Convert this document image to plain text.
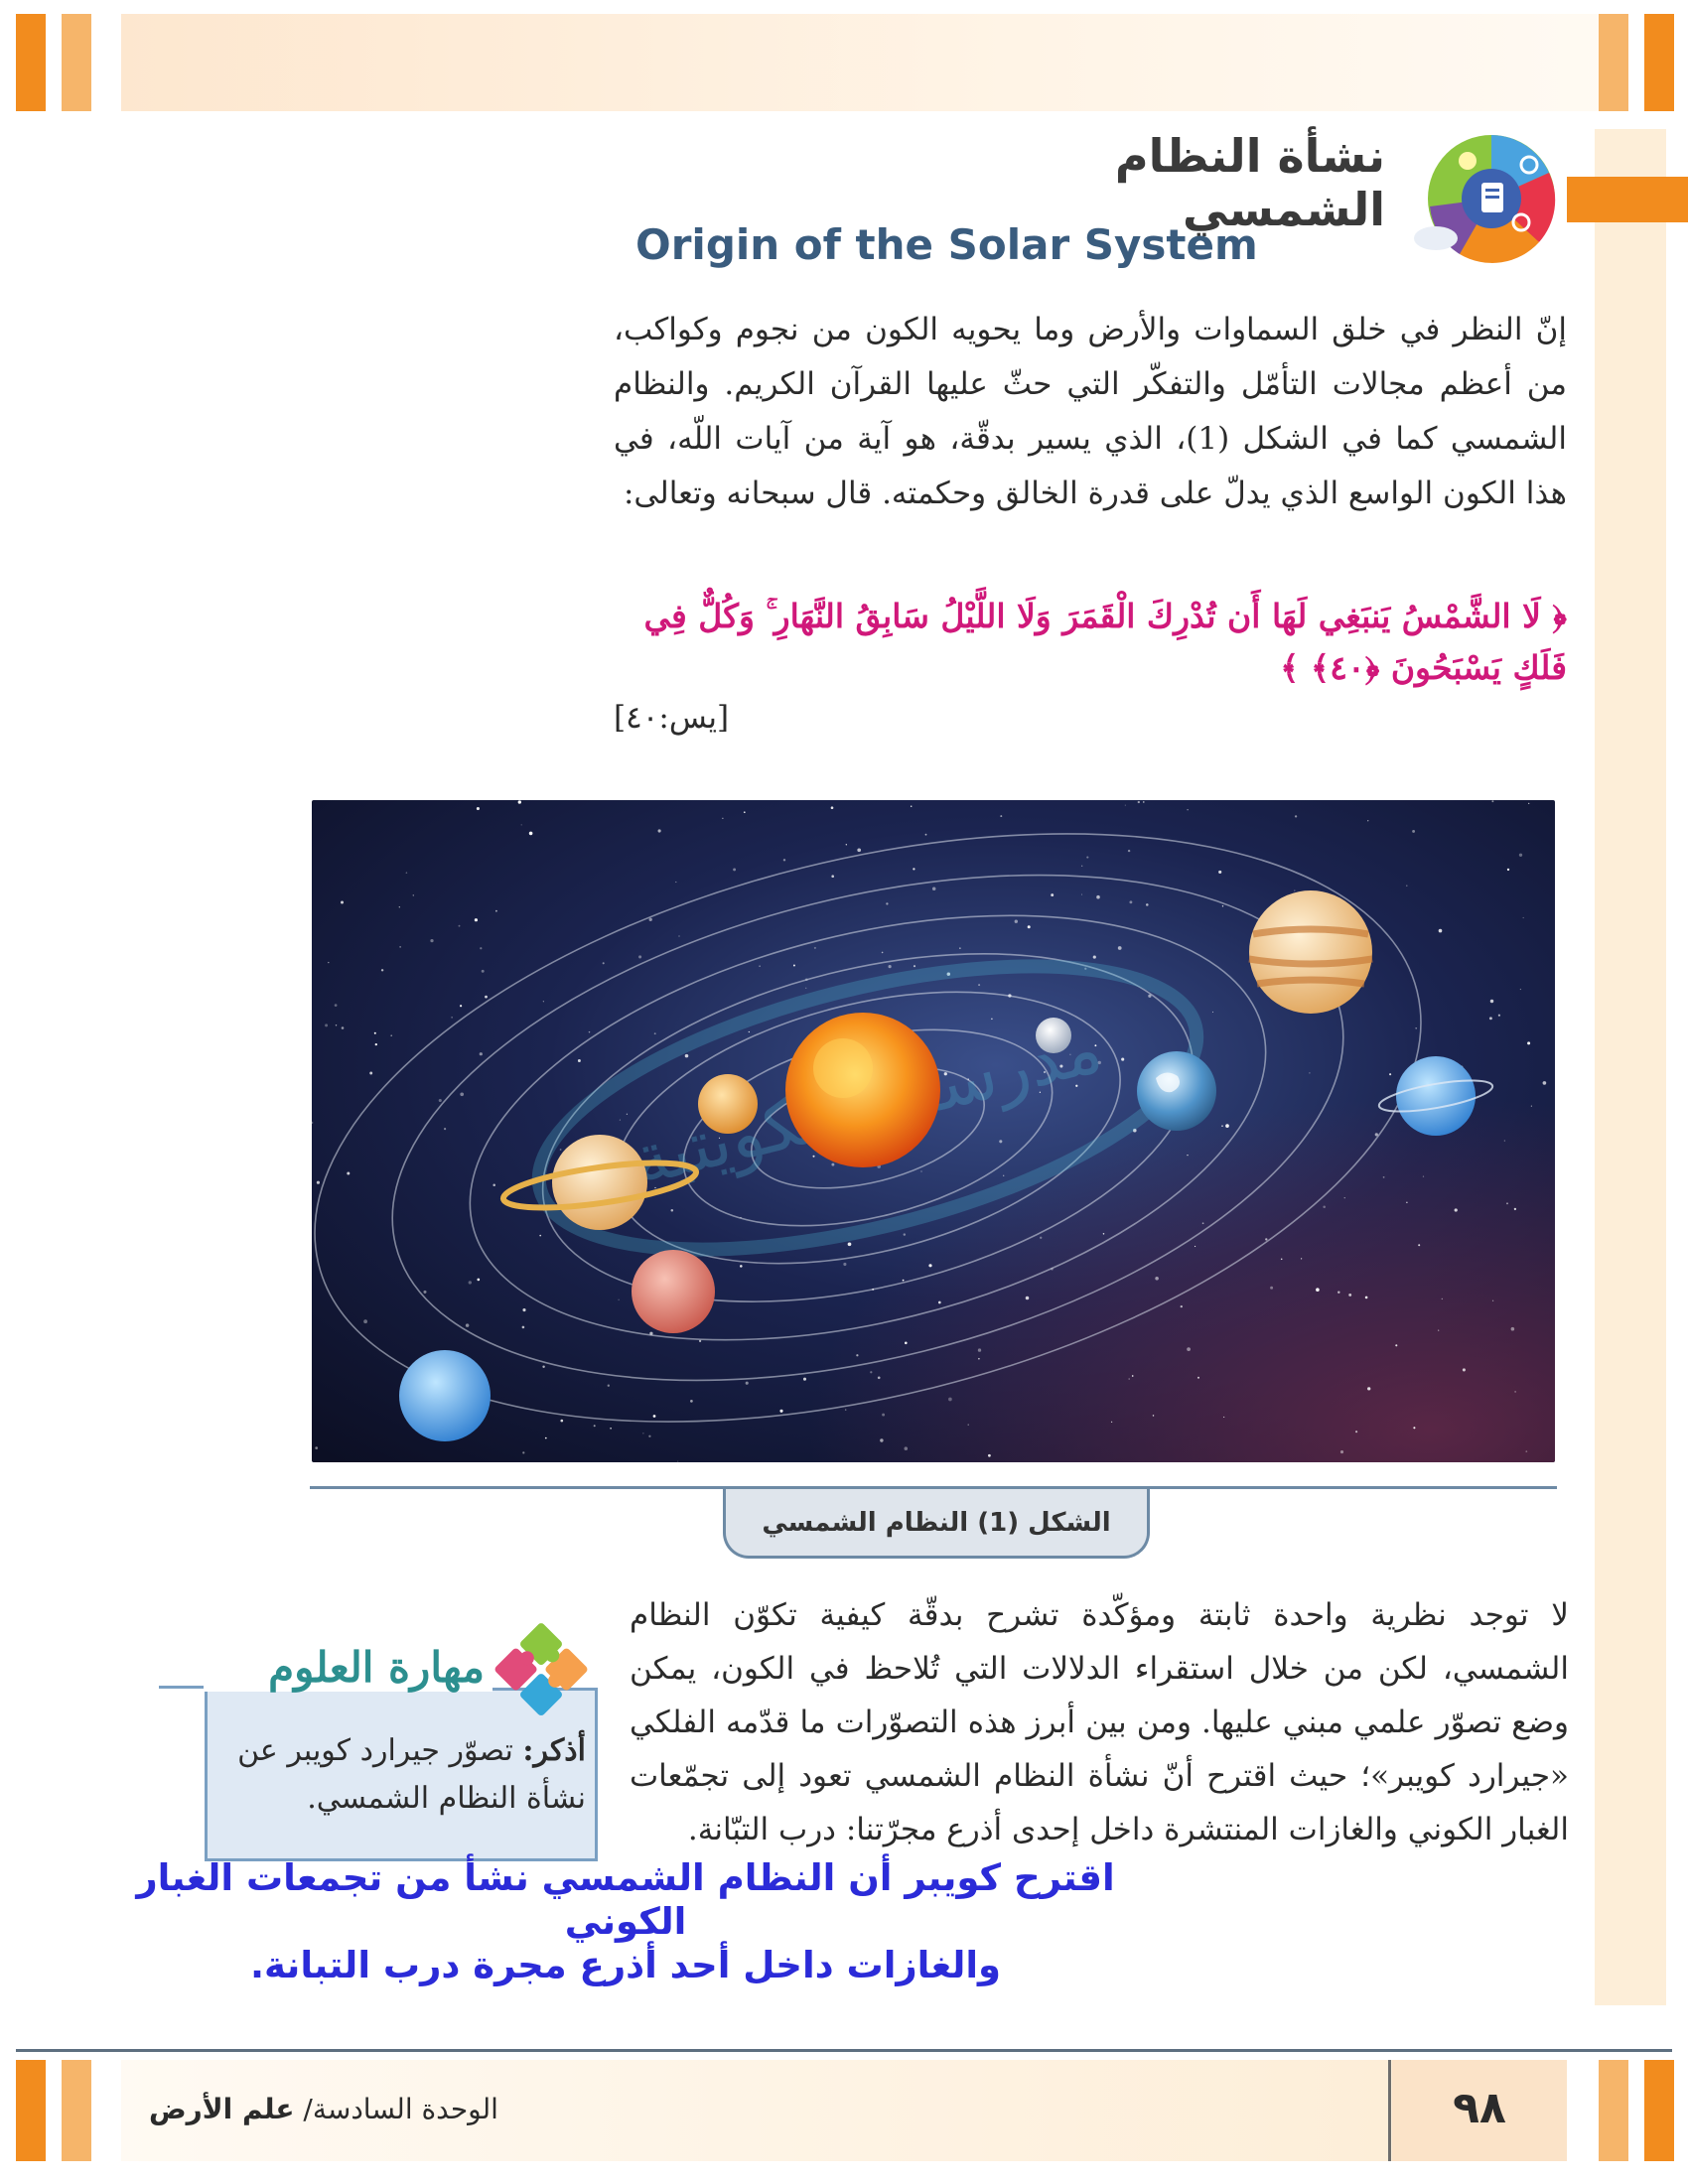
نشأة النظام الشمسي
Origin of the Solar System
إنّ النظر في خلق السماوات والأرض وما يحويه الكون من نجوم وكواكب، من أعظم مجالات التأمّل والتفكّر التي حثّ عليها القرآن الكريم. والنظام الشمسي كما في الشكل (1)، الذي يسير بدقّة، هو آية من آيات اللّه، في هذا الكون الواسع الذي يدلّ على قدرة الخالق وحكمته. قال سبحانه وتعالى:
﴿ لَا الشَّمْسُ يَنبَغِي لَهَا أَن تُدْرِكَ الْقَمَرَ وَلَا اللَّيْلُ سَابِقُ النَّهَارِ ۚ وَكُلٌّ فِي فَلَكٍ يَسْبَحُونَ ﴿٤٠﴾ ﴾
[يس:٤٠]
مدرستي الكويتية
الشكل (1) النظام الشمسي
لا توجد نظرية واحدة ثابتة ومؤكّدة تشرح بدقّة كيفية تكوّن النظام الشمسي، لكن من خلال استقراء الدلالات التي تُلاحظ في الكون، يمكن وضع تصوّر علمي مبني عليها. ومن بين أبرز هذه التصوّرات ما قدّمه الفلكي «جيرارد كويبر»؛ حيث اقترح أنّ نشأة النظام الشمسي تعود إلى تجمّعات الغبار الكوني والغازات المنتشرة داخل إحدى أذرع مجرّتنا: درب التبّانة.
مهارة العلوم
أذكر: تصوّر جيرارد كويبر عن نشأة النظام الشمسي.
اقترح كويبر أن النظام الشمسي نشأ من تجمعات الغبار الكوني
والغازات داخل أحد أذرع مجرة درب التبانة.
الوحدة السادسة/ علم الأرض	٩٨
